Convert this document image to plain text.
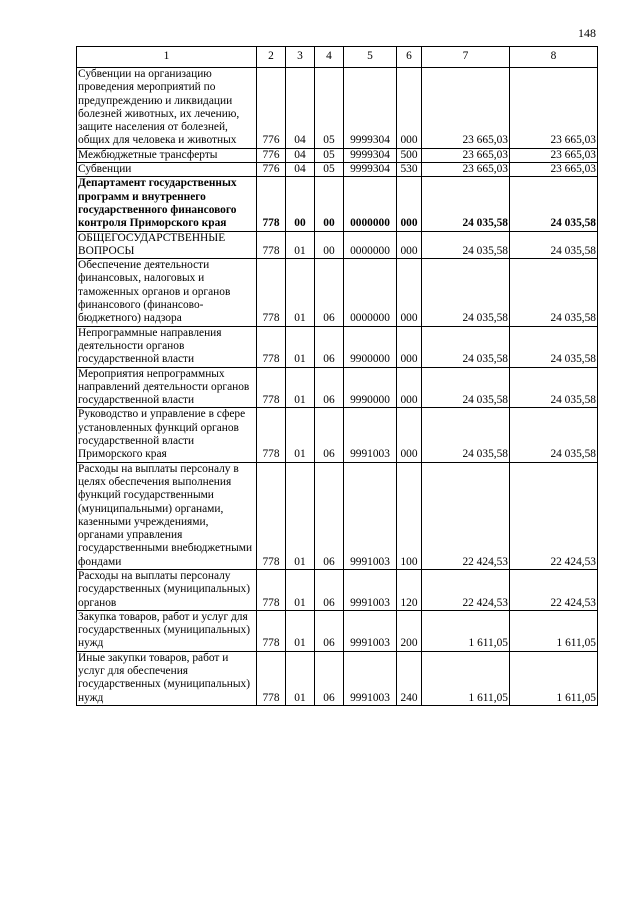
148
1	2	3	4	5	6	7	8
Субвенции на организацию проведения мероприятий по предупреждению и ликвидации болезней животных, их лечению, защите населения от болезней, общих для человека и животных	776	04	05	9999304	000	23 665,03	23 665,03
Межбюджетные трансферты	776	04	05	9999304	500	23 665,03	23 665,03
Субвенции	776	04	05	9999304	530	23 665,03	23 665,03
Департамент государственных программ и внутреннего государственного финансового контроля Приморского края	778	00	00	0000000	000	24 035,58	24 035,58
ОБЩЕГОСУДАРСТВЕННЫЕ ВОПРОСЫ	778	01	00	0000000	000	24 035,58	24 035,58
Обеспечение деятельности финансовых, налоговых и таможенных органов и органов финансового (финансово-бюджетного) надзора	778	01	06	0000000	000	24 035,58	24 035,58
Непрограммные направления деятельности органов государственной власти	778	01	06	9900000	000	24 035,58	24 035,58
Мероприятия непрограммных направлений деятельности органов государственной власти	778	01	06	9990000	000	24 035,58	24 035,58
Руководство и управление в сфере установленных функций органов государственной власти Приморского края	778	01	06	9991003	000	24 035,58	24 035,58
Расходы на выплаты персоналу в целях обеспечения выполнения функций государственными (муниципальными) органами, казенными учреждениями, органами управления государственными внебюджетными фондами	778	01	06	9991003	100	22 424,53	22 424,53
Расходы на выплаты персоналу государственных (муниципальных) органов	778	01	06	9991003	120	22 424,53	22 424,53
Закупка товаров, работ и услуг для государственных (муниципальных) нужд	778	01	06	9991003	200	1 611,05	1 611,05
Иные закупки товаров, работ и услуг для обеспечения государственных (муниципальных) нужд	778	01	06	9991003	240	1 611,05	1 611,05
